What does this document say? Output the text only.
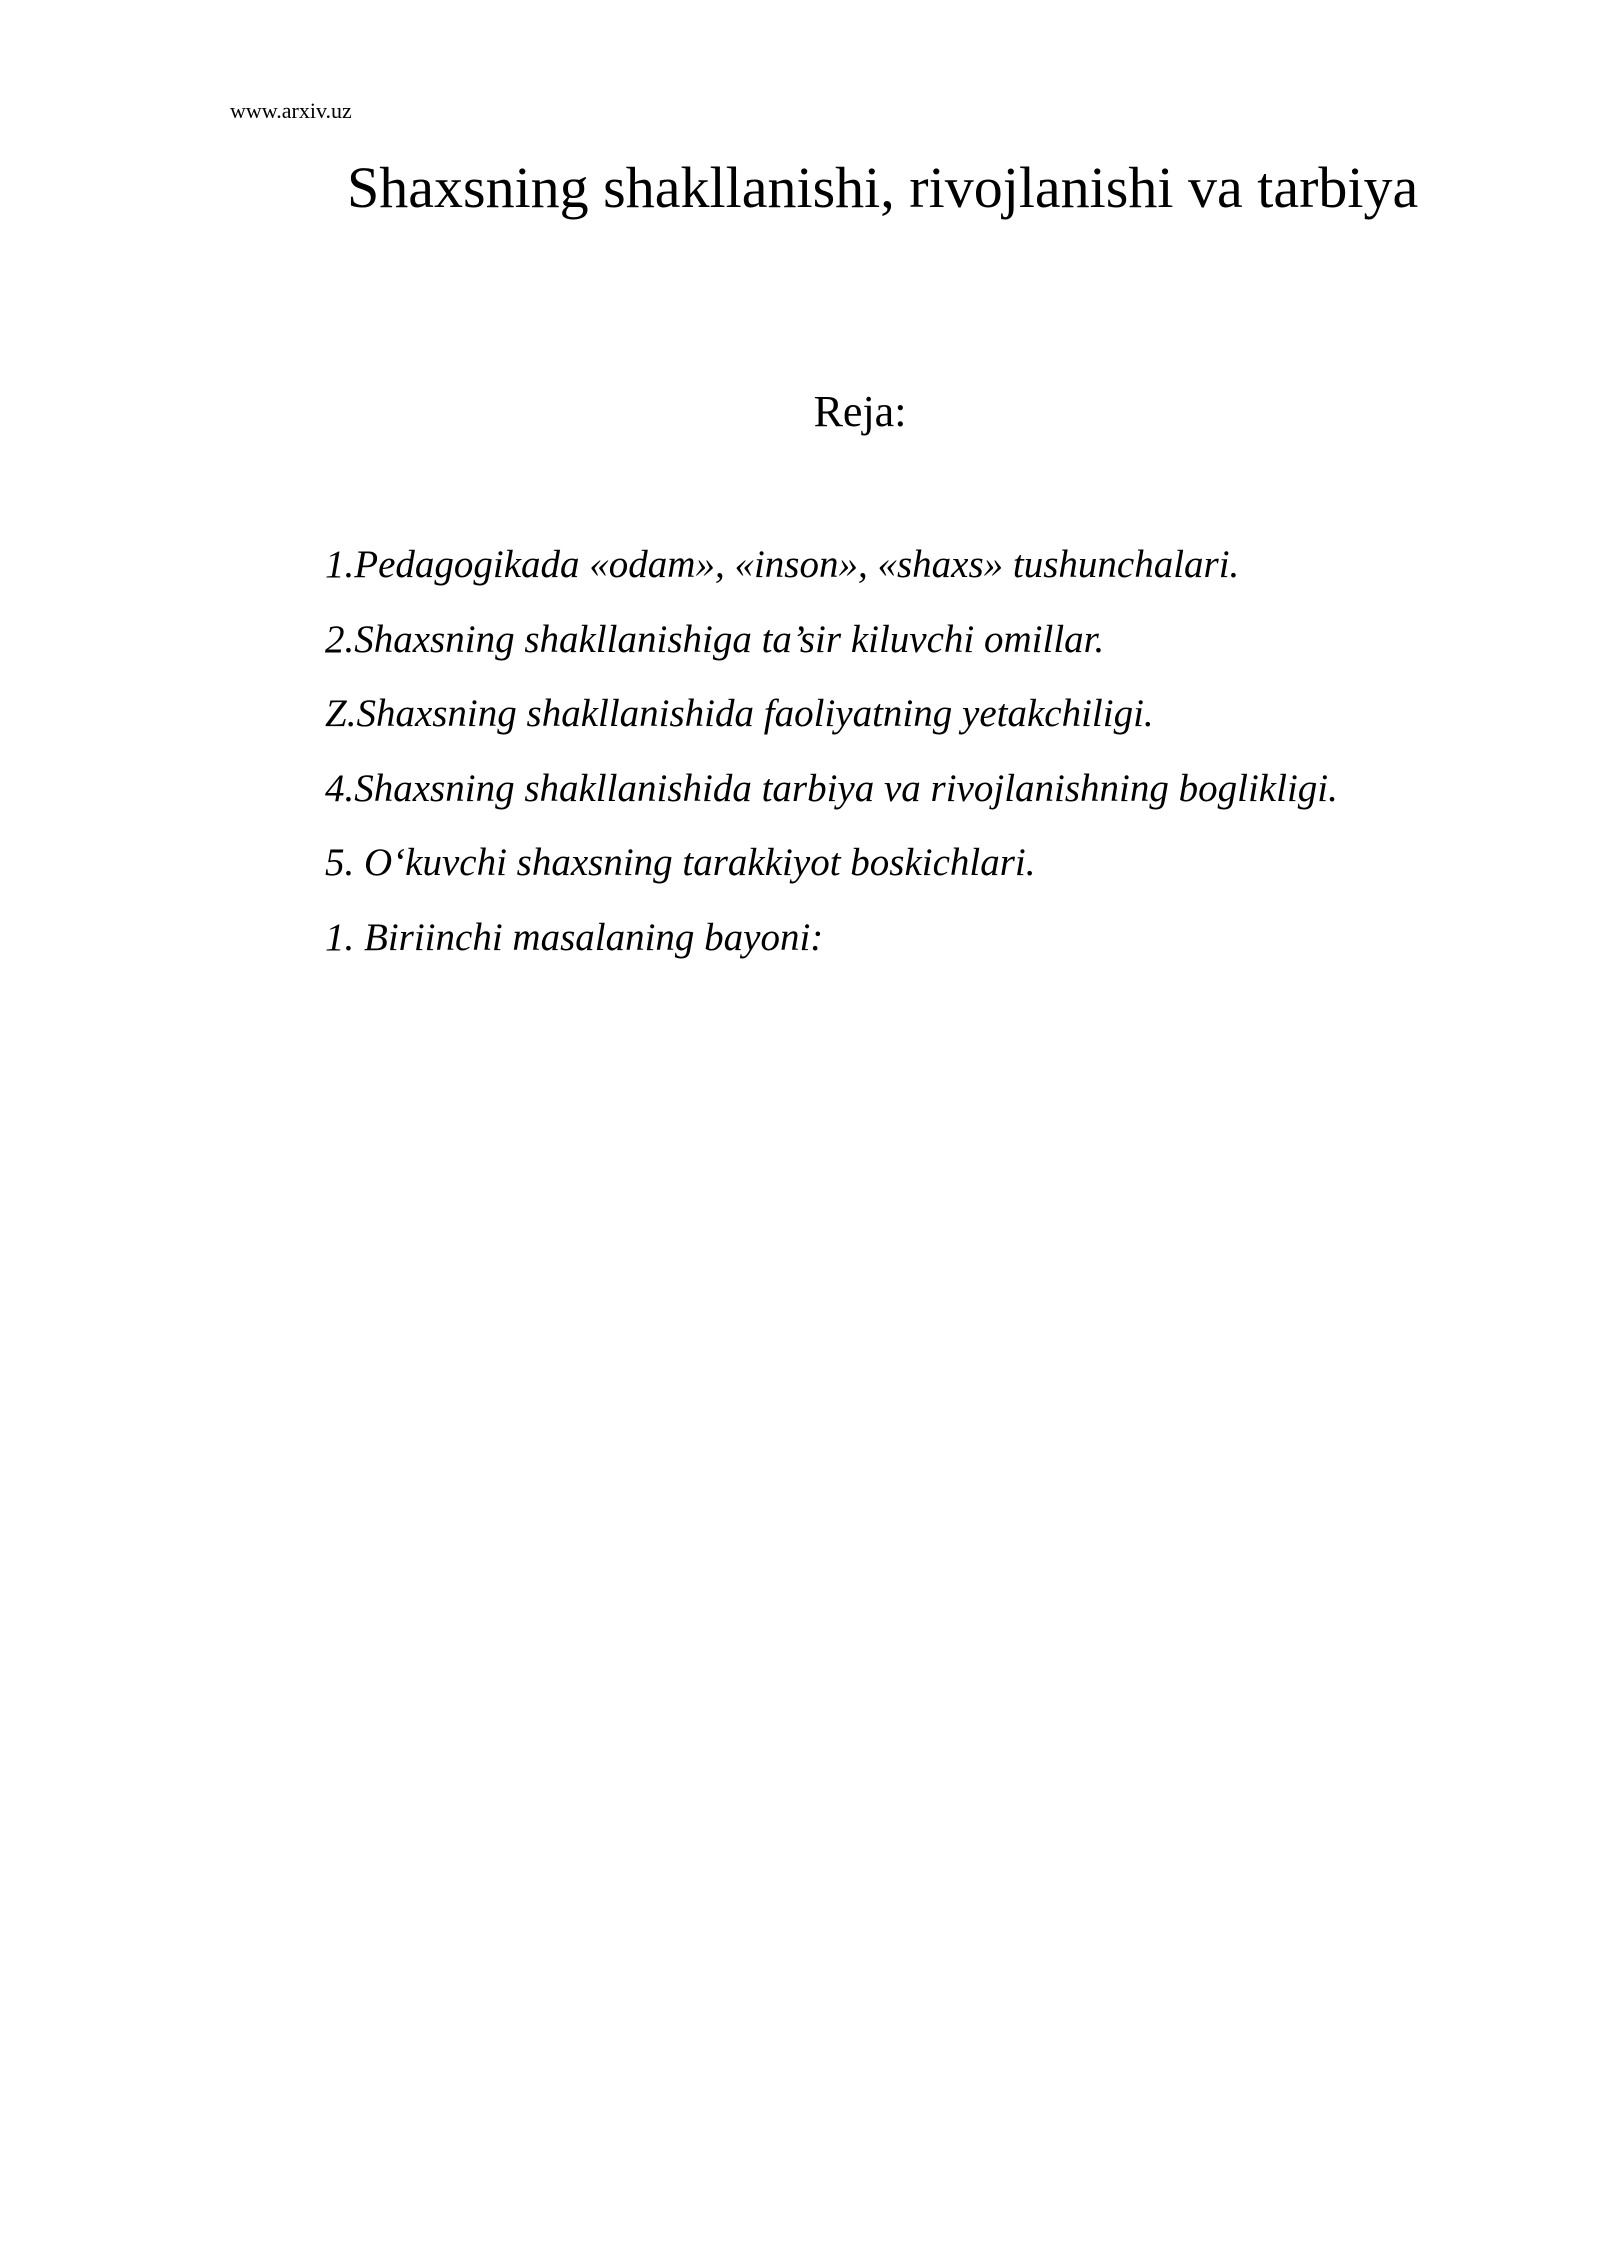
www.arxiv.uz
Shaxsning shakllanishi, rivojlanishi va tarbiya
Reja:
1.Pedagogikada «odam», «inson», «shaxs» tushunchalari.
2.Shaxsning shakllanishiga ta’sir kiluvchi omillar.
Z.Shaxsning shakllanishida faoliyatning yetakchiligi.
4.Shaxsning shakllanishida tarbiya va rivojlanishning boglikligi.
5. O‘kuvchi shaxsning tarakkiyot boskichlari.
1. Biriinchi masalaning bayoni:
